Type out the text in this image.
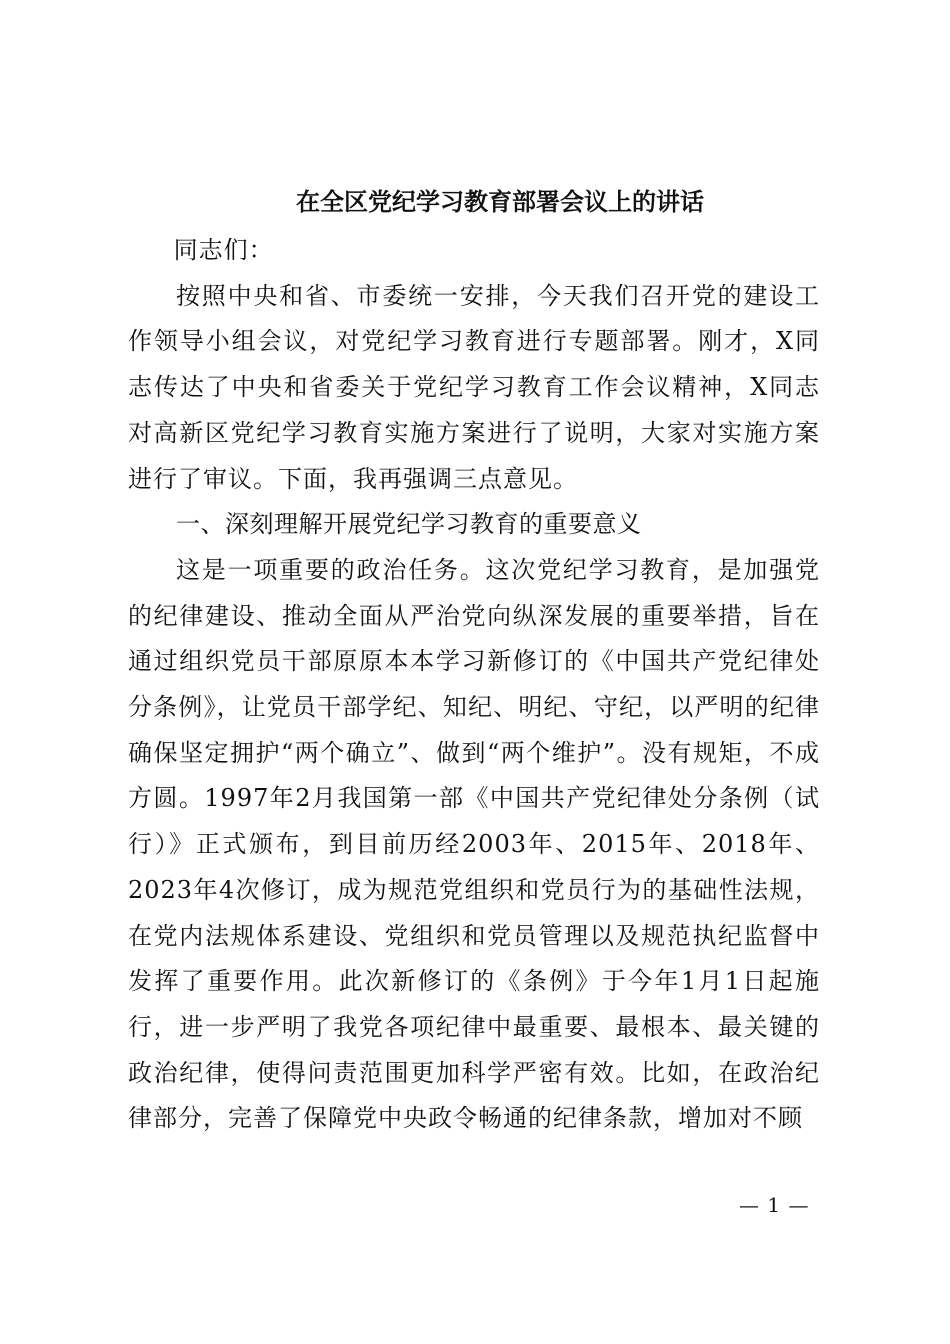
在全区党纪学习教育部署会议上的讲话

同志们：

按照中央和省、市委统一安排，今天我们召开党的建设工作领导小组会议，对党纪学习教育进行专题部署。刚才，X同志传达了中央和省委关于党纪学习教育工作会议精神，X同志对高新区党纪学习教育实施方案进行了说明，大家对实施方案进行了审议。下面，我再强调三点意见。

一、深刻理解开展党纪学习教育的重要意义

这是一项重要的政治任务。这次党纪学习教育，是加强党的纪律建设、推动全面从严治党向纵深发展的重要举措，旨在通过组织党员干部原原本本学习新修订的《中国共产党纪律处分条例》，让党员干部学纪、知纪、明纪、守纪，以严明的纪律确保坚定拥护“两个确立”、做到“两个维护”。没有规矩，不成方圆。1997年2月我国第一部《中国共产党纪律处分条例（试行）》正式颁布，到目前历经2003年、2015年、2018年、2023年4次修订，成为规范党组织和党员行为的基础性法规，在党内法规体系建设、党组织和党员管理以及规范执纪监督中发挥了重要作用。此次新修订的《条例》于今年1月1日起施行，进一步严明了我党各项纪律中最重要、最根本、最关键的政治纪律，使得问责范围更加科学严密有效。比如，在政治纪律部分，完善了保障党中央政令畅通的纪律条款，增加对不顾

— 1 —
